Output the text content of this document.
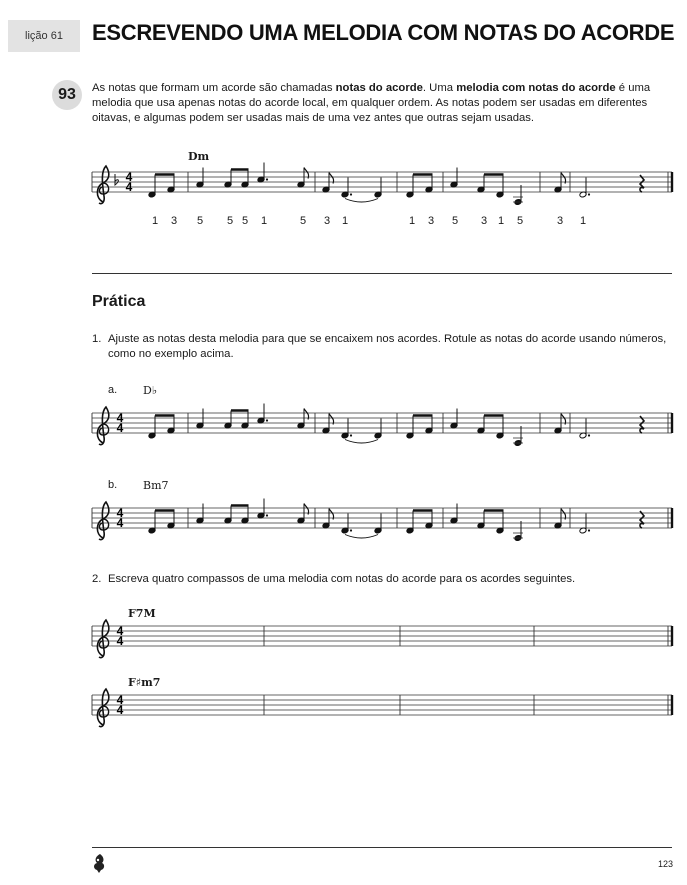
lição 61	ESCREVENDO UMA MELODIA COM NOTAS DO ACORDE
93	As notas que formam um acorde são chamadas notas do acorde. Uma melodia com notas do acorde é uma melodia que usa apenas notas do acorde local, em qualquer ordem. As notas podem ser usadas em diferentes oitavas, e algumas podem ser usadas mais de uma vez antes que outras sejam usadas.
Dm
4
4
4
4
4
4
4
4
4
4
1 3 5 5 5 1	5 3 1	1 3 5 3 1 5	3 1
Prática
1. Ajuste as notas desta melodia para que se encaixem nos acordes. Rotule as notas do acorde usando números, como no exemplo acima.
a. D♭
b. Bm7
2. Escreva quatro compassos de uma melodia com notas do acorde para os acordes seguintes.
F7M
F♯m7
123
